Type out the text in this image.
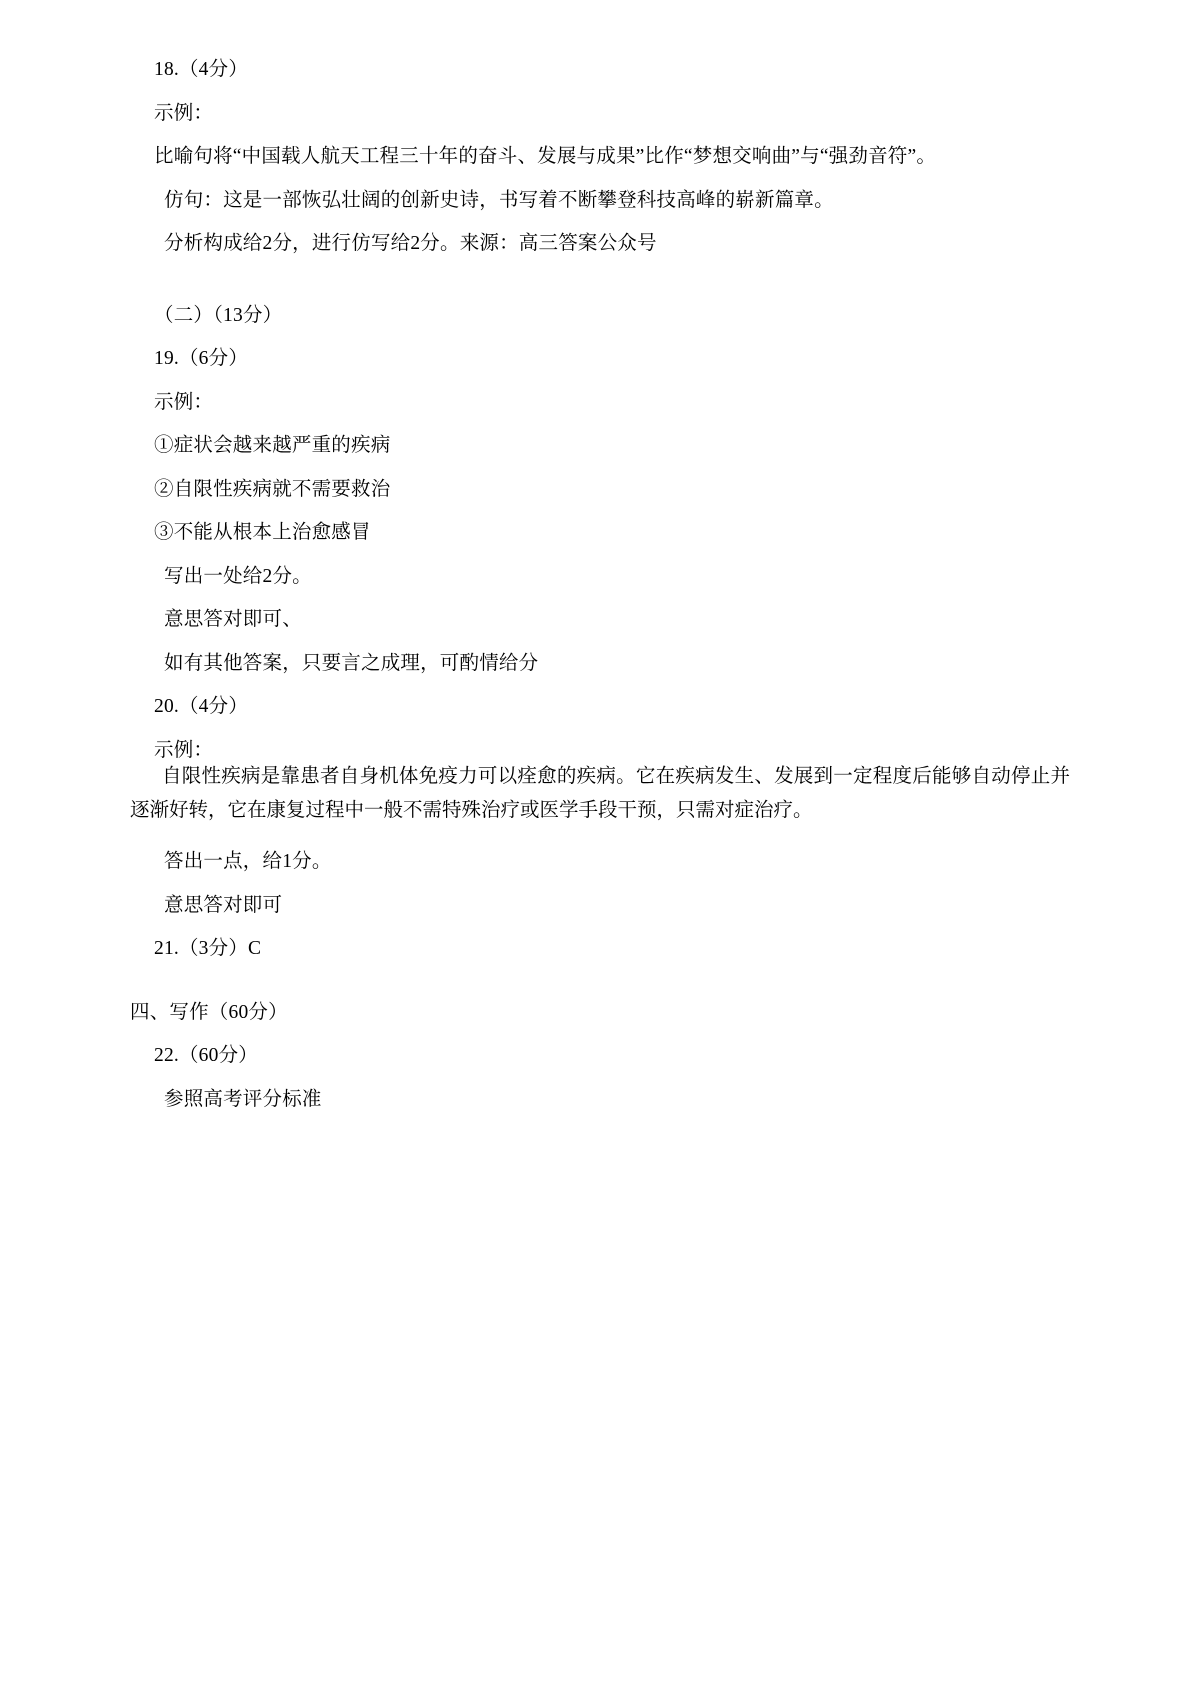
18.（4分）

示例：

比喻句将“中国载人航天工程三十年的奋斗、发展与成果”比作“梦想交响曲”与“强劲音符”。

仿句：这是一部恢弘壮阔的创新史诗，书写着不断攀登科技高峰的崭新篇章。

分析构成给2分，进行仿写给2分。来源：高三答案公众号

（二）（13分）

19.（6分）

示例：

①症状会越来越严重的疾病

②自限性疾病就不需要救治

③不能从根本上治愈感冒

写出一处给2分。

意思答对即可、

如有其他答案，只要言之成理，可酌情给分

20.（4分）

示例：

自限性疾病是靠患者自身机体免疫力可以痊愈的疾病。它在疾病发生、发展到一定程度后能够自动停止并逐渐好转，它在康复过程中一般不需特殊治疗或医学手段干预，只需对症治疗。

答出一点，给1分。

意思答对即可

21.（3分）C

四、写作（60分）

22.（60分）

参照高考评分标准
